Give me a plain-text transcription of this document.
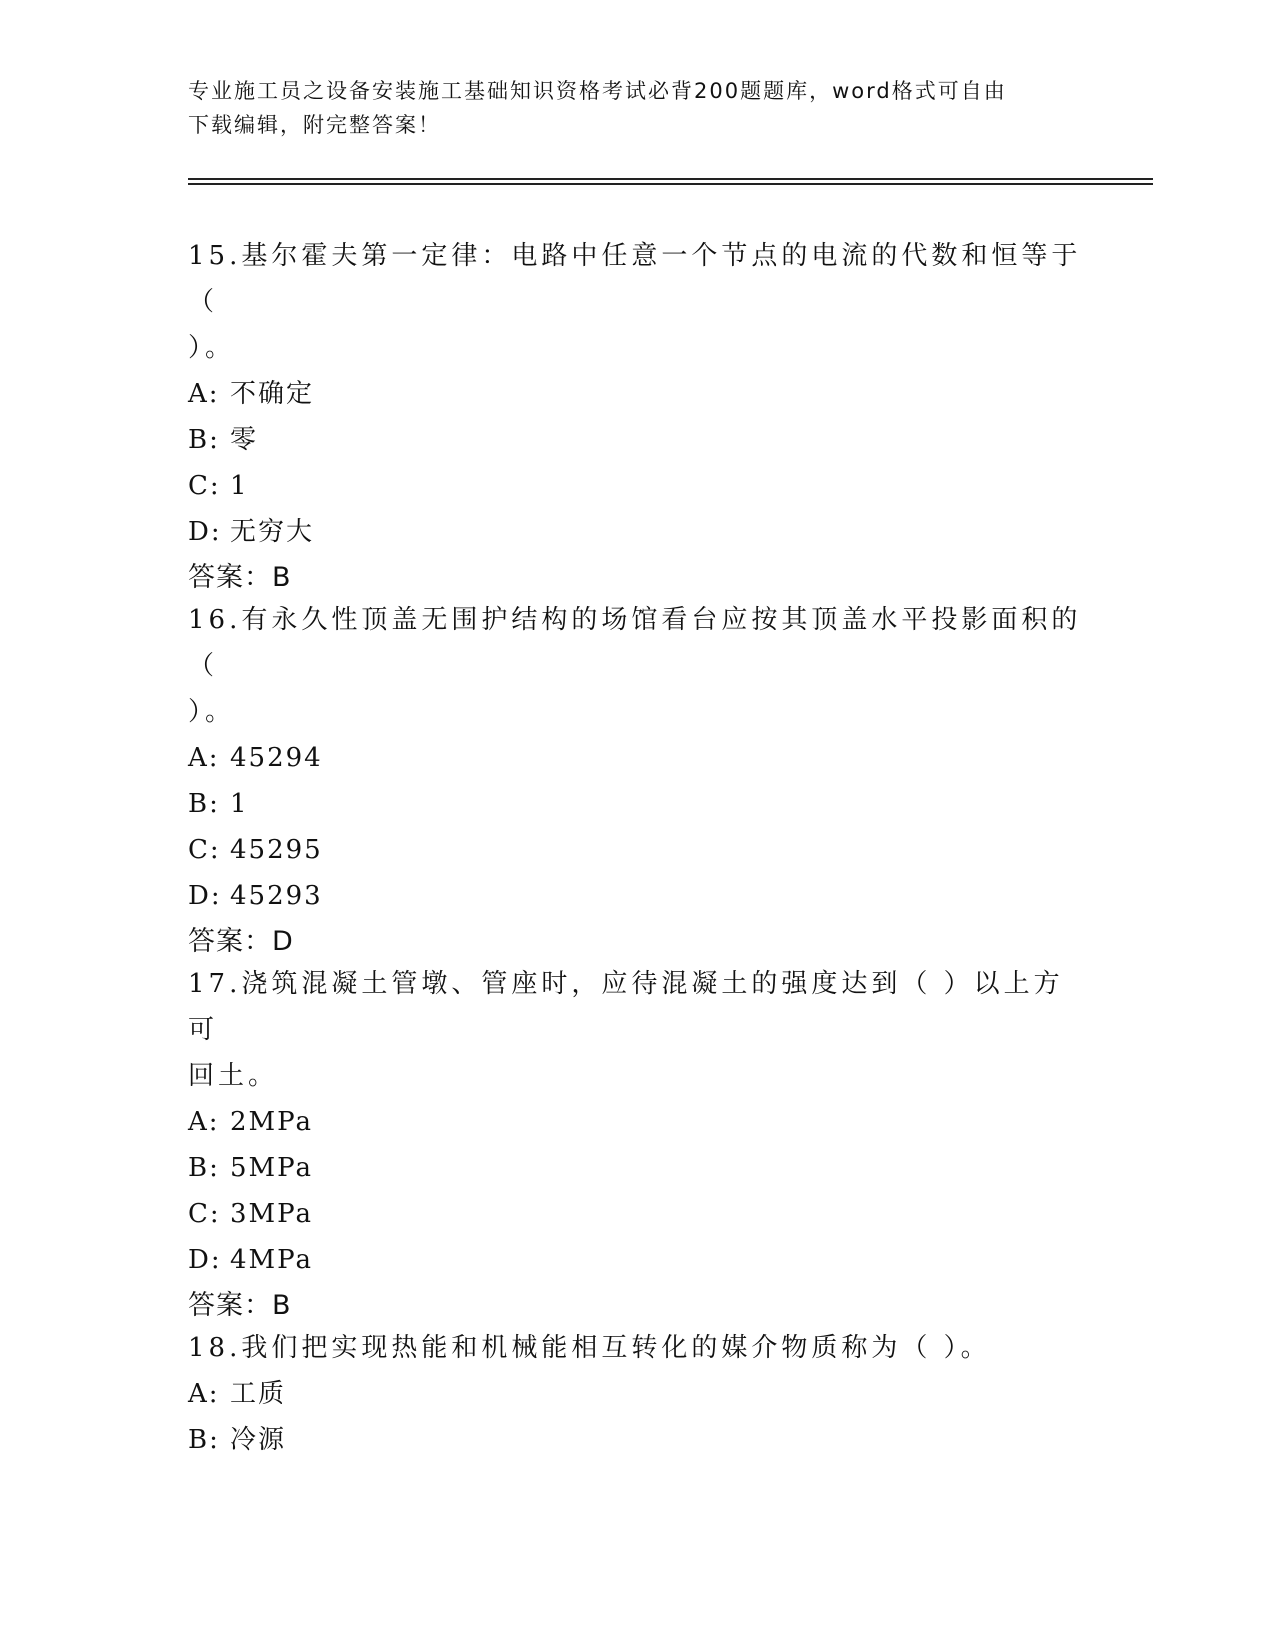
专业施工员之设备安装施工基础知识资格考试必背200题题库，word格式可自由
下载编辑，附完整答案！
15.基尔霍夫第一定律：电路中任意一个节点的电流的代数和恒等于（
）。
A: 不确定
B: 零
C: 1
D: 无穷大
答案：B
16.有永久性顶盖无围护结构的场馆看台应按其顶盖水平投影面积的（
）。
A: 45294
B: 1
C: 45295
D: 45293
答案：D
17.浇筑混凝土管墩、管座时，应待混凝土的强度达到（ ）以上方可
回土。
A: 2MPa
B: 5MPa
C: 3MPa
D: 4MPa
答案：B
18.我们把实现热能和机械能相互转化的媒介物质称为（ ）。
A: 工质
B: 冷源
